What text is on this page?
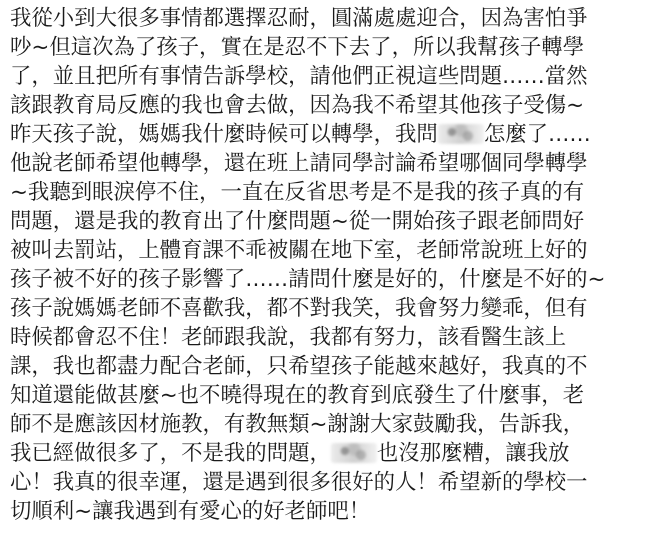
我從小到大很多事情都選擇忍耐，圓滿處處迎合，因為害怕爭
吵~但這次為了孩子，實在是忍不下去了，所以我幫孩子轉學
了，並且把所有事情告訴學校，請他們正視這些問題……當然
該跟教育局反應的我也會去做，因為我不希望其他孩子受傷~
昨天孩子說，媽媽我什麼時候可以轉學，我問 怎麼了……
他說老師希望他轉學，還在班上請同學討論希望哪個同學轉學
~我聽到眼淚停不住，一直在反省思考是不是我的孩子真的有
問題，還是我的教育出了什麼問題~從一開始孩子跟老師問好
被叫去罰站，上體育課不乖被關在地下室，老師常說班上好的
孩子被不好的孩子影響了……請問什麼是好的，什麼是不好的~
孩子說媽媽老師不喜歡我，都不對我笑，我會努力變乖，但有
時候都會忍不住！老師跟我說，我都有努力，該看醫生該上
課，我也都盡力配合老師，只希望孩子能越來越好，我真的不
知道還能做甚麼~也不曉得現在的教育到底發生了什麼事，老
師不是應該因材施教，有教無類~謝謝大家鼓勵我，告訴我，
我已經做很多了，不是我的問題， 也沒那麼糟，讓我放
心！我真的很幸運，還是遇到很多很好的人！希望新的學校一
切順利~讓我遇到有愛心的好老師吧！
